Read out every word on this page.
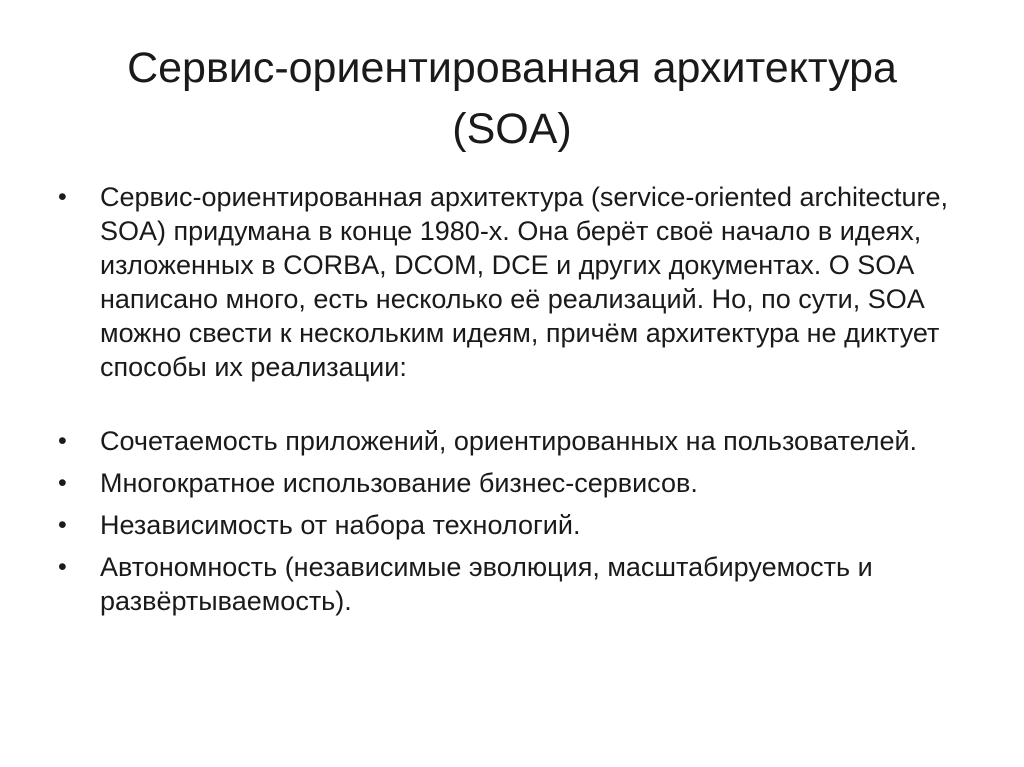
Сервис-ориентированная архитектура (SOA)
•	Сервис-ориентированная архитектура (service-oriented architecture, SOA) придумана в конце 1980-х. Она берёт своё начало в идеях, изложенных в CORBA, DCOM, DCE и других документах. О SOA написано много, есть несколько её реализаций. Но, по сути, SOA можно свести к нескольким идеям, причём архитектура не диктует способы их реализации:
•	Сочетаемость приложений, ориентированных на пользователей.
•	Многократное использование бизнес-сервисов.
•	Независимость от набора технологий.
•	Автономность (независимые эволюция, масштабируемость и развёртываемость).
